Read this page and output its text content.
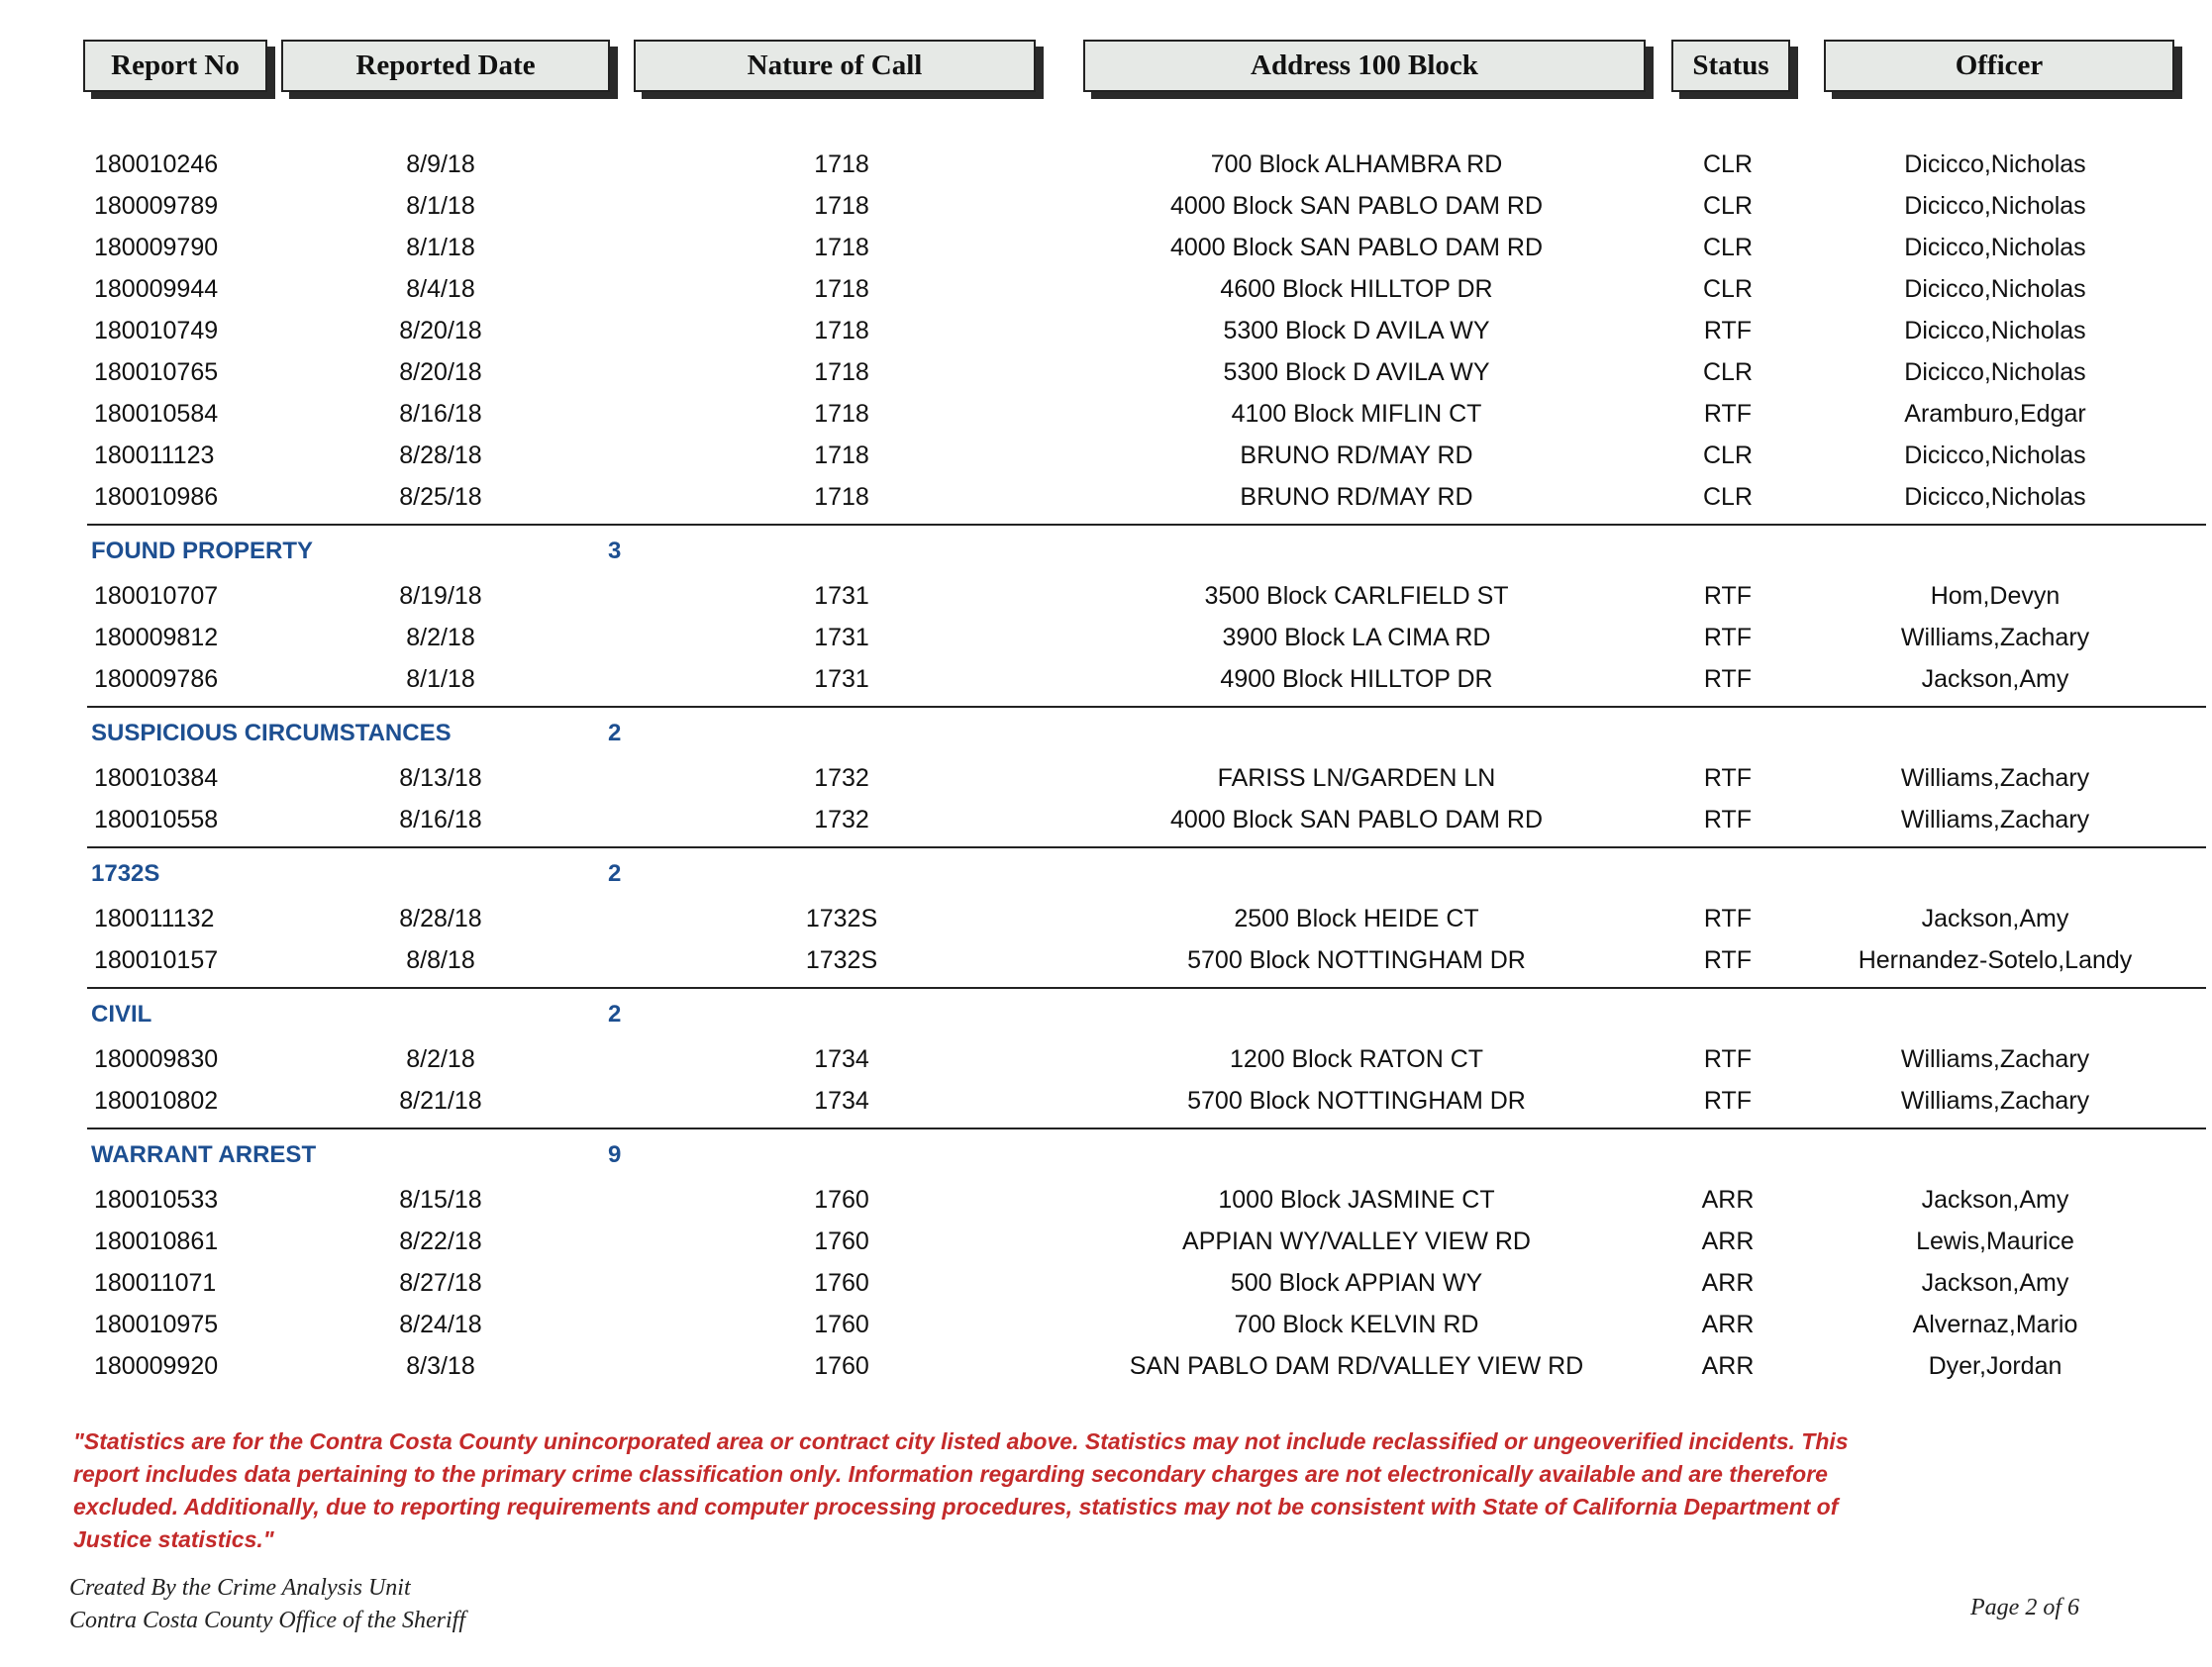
Report No	Reported Date	Nature of Call	Address 100 Block	Status	Officer
180010246	8/9/18	1718	700 Block ALHAMBRA RD	CLR	Dicicco,Nicholas
180009789	8/1/18	1718	4000 Block SAN PABLO DAM RD	CLR	Dicicco,Nicholas
180009790	8/1/18	1718	4000 Block SAN PABLO DAM RD	CLR	Dicicco,Nicholas
180009944	8/4/18	1718	4600 Block HILLTOP DR	CLR	Dicicco,Nicholas
180010749	8/20/18	1718	5300 Block D AVILA WY	RTF	Dicicco,Nicholas
180010765	8/20/18	1718	5300 Block D AVILA WY	CLR	Dicicco,Nicholas
180010584	8/16/18	1718	4100 Block MIFLIN CT	RTF	Aramburo,Edgar
180011123	8/28/18	1718	BRUNO RD/MAY RD	CLR	Dicicco,Nicholas
180010986	8/25/18	1718	BRUNO RD/MAY RD	CLR	Dicicco,Nicholas
FOUND PROPERTY	3
180010707	8/19/18	1731	3500 Block CARLFIELD ST	RTF	Hom,Devyn
180009812	8/2/18	1731	3900 Block LA CIMA RD	RTF	Williams,Zachary
180009786	8/1/18	1731	4900 Block HILLTOP DR	RTF	Jackson,Amy
SUSPICIOUS CIRCUMSTANCES	2
180010384	8/13/18	1732	FARISS LN/GARDEN LN	RTF	Williams,Zachary
180010558	8/16/18	1732	4000 Block SAN PABLO DAM RD	RTF	Williams,Zachary
1732S	2
180011132	8/28/18	1732S	2500 Block HEIDE CT	RTF	Jackson,Amy
180010157	8/8/18	1732S	5700 Block NOTTINGHAM DR	RTF	Hernandez-Sotelo,Landy
CIVIL	2
180009830	8/2/18	1734	1200 Block RATON CT	RTF	Williams,Zachary
180010802	8/21/18	1734	5700 Block NOTTINGHAM DR	RTF	Williams,Zachary
WARRANT ARREST	9
180010533	8/15/18	1760	1000 Block JASMINE CT	ARR	Jackson,Amy
180010861	8/22/18	1760	APPIAN WY/VALLEY VIEW RD	ARR	Lewis,Maurice
180011071	8/27/18	1760	500 Block APPIAN WY	ARR	Jackson,Amy
180010975	8/24/18	1760	700 Block KELVIN RD	ARR	Alvernaz,Mario
180009920	8/3/18	1760	SAN PABLO DAM RD/VALLEY VIEW RD	ARR	Dyer,Jordan
"Statistics are for the Contra Costa County unincorporated area or contract city listed above. Statistics may not include reclassified or ungeoverified incidents. This report includes data pertaining to the primary crime classification only. Information regarding secondary charges are not electronically available and are therefore excluded. Additionally, due to reporting requirements and computer processing procedures, statistics may not be consistent with State of California Department of Justice statistics."
Created By the Crime Analysis Unit
Contra Costa County Office of the Sheriff	Page 2 of 6
